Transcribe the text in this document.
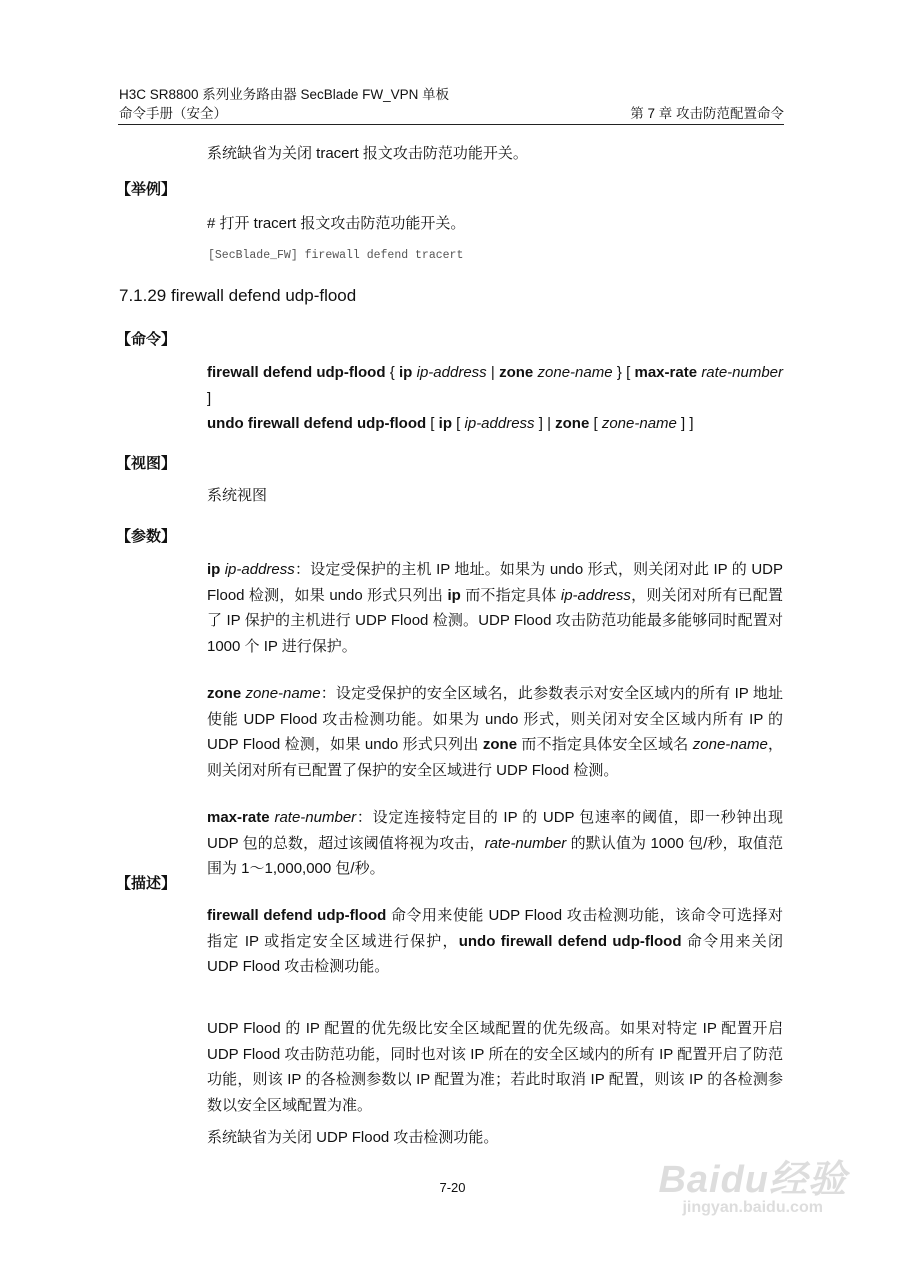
H3C SR8800 系列业务路由器 SecBlade FW_VPN 单板
命令手册（安全）	第 7 章 攻击防范配置命令
系统缺省为关闭 tracert 报文攻击防范功能开关。
【举例】
# 打开 tracert 报文攻击防范功能开关。
[SecBlade_FW] firewall defend tracert
7.1.29 firewall defend udp-flood
【命令】
firewall defend udp-flood { ip ip-address | zone zone-name } [ max-rate rate-number ]
undo firewall defend udp-flood [ ip [ ip-address ] | zone [ zone-name ] ]
【视图】
系统视图
【参数】
ip ip-address：设定受保护的主机 IP 地址。如果为 undo 形式，则关闭对此 IP 的 UDP Flood 检测，如果 undo 形式只列出 ip 而不指定具体 ip-address，则关闭对所有已配置了 IP 保护的主机进行 UDP Flood 检测。UDP Flood 攻击防范功能最多能够同时配置对 1000 个 IP 进行保护。
zone zone-name：设定受保护的安全区域名，此参数表示对安全区域内的所有 IP 地址使能 UDP Flood 攻击检测功能。如果为 undo 形式，则关闭对安全区域内所有 IP 的 UDP Flood 检测，如果 undo 形式只列出 zone 而不指定具体安全区域名 zone-name，则关闭对所有已配置了保护的安全区域进行 UDP Flood 检测。
max-rate rate-number：设定连接特定目的 IP 的 UDP 包速率的阈值，即一秒钟出现 UDP 包的总数，超过该阈值将视为攻击，rate-number 的默认值为 1000 包/秒，取值范围为 1～1,000,000 包/秒。
【描述】
firewall defend udp-flood 命令用来使能 UDP Flood 攻击检测功能，该命令可选择对指定 IP 或指定安全区域进行保护，undo firewall defend udp-flood 命令用来关闭 UDP Flood 攻击检测功能。
UDP Flood 的 IP 配置的优先级比安全区域配置的优先级高。如果对特定 IP 配置开启 UDP Flood 攻击防范功能，同时也对该 IP 所在的安全区域内的所有 IP 配置开启了防范功能，则该 IP 的各检测参数以 IP 配置为准；若此时取消 IP 配置，则该 IP 的各检测参数以安全区域配置为准。
系统缺省为关闭 UDP Flood 攻击检测功能。
7-20	Baidu经验
jingyan.baidu.com
